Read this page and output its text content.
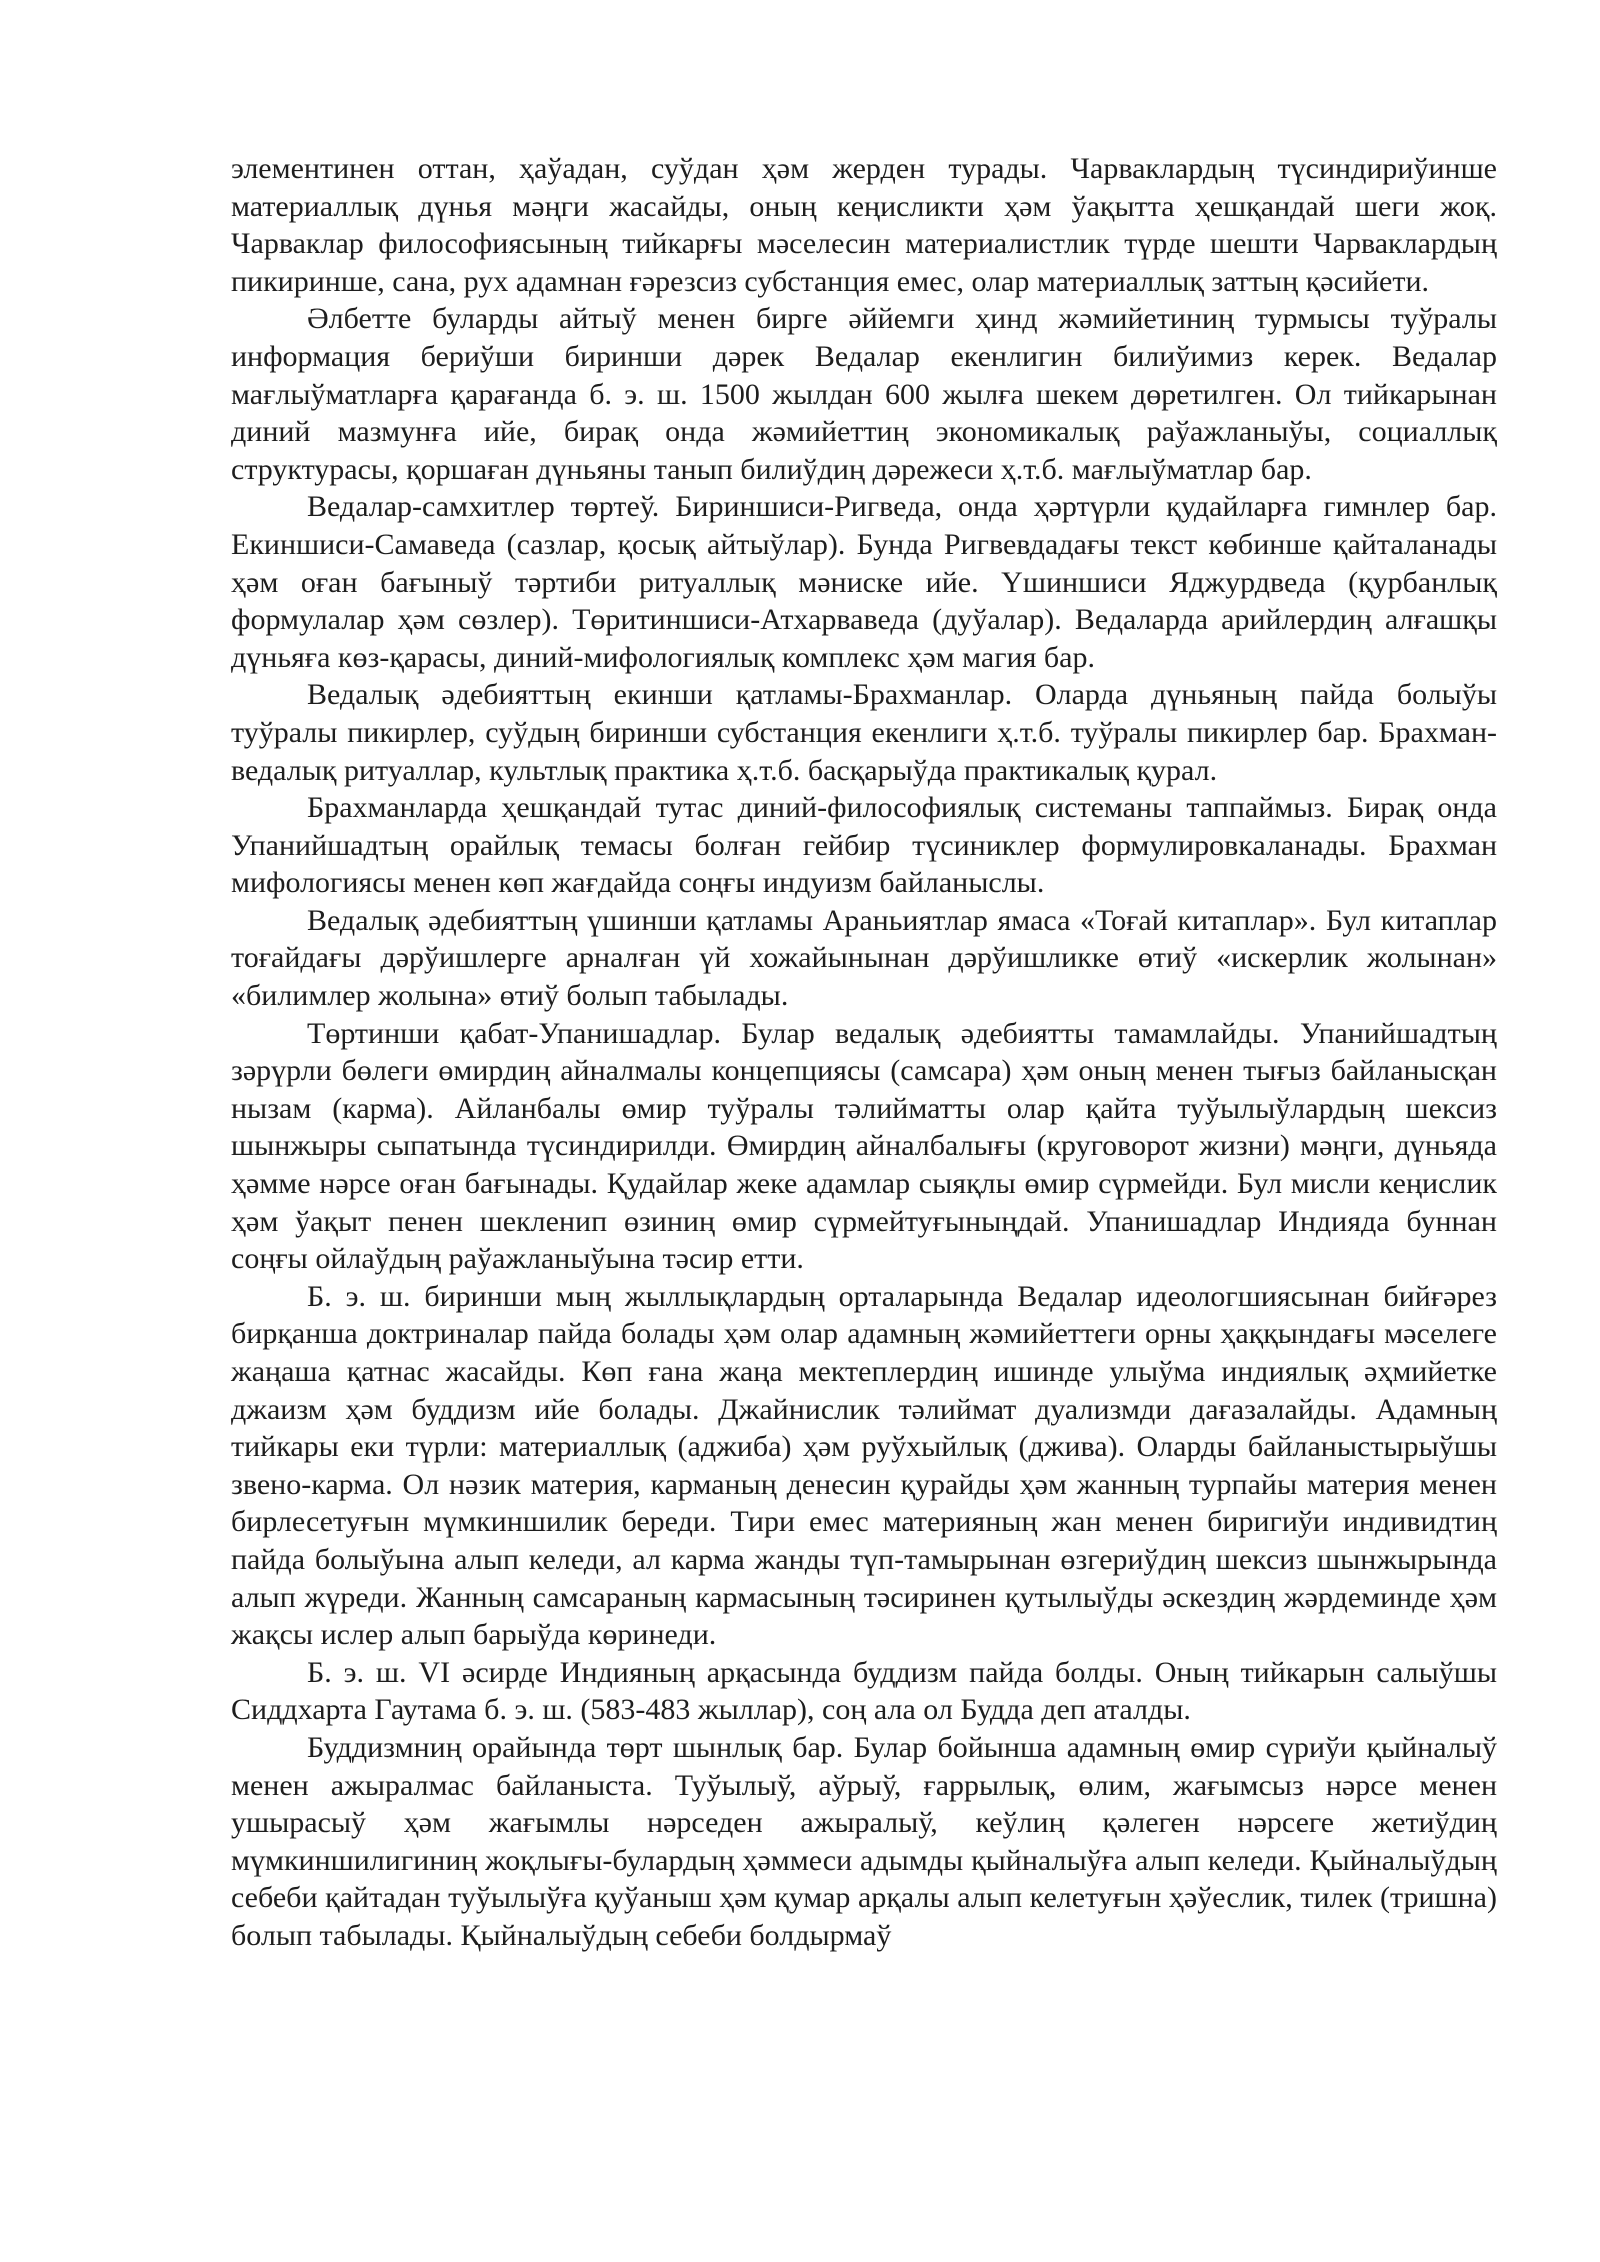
элементинен оттан, ҳаўадан, суўдан ҳәм жерден турады. Чарваклардың түсиндириўинше материаллық дүнья мәңги жасайды, оның кеңисликти ҳәм ўақытта ҳешқандай шеги жоқ. Чарваклар философиясының тийкарғы мәселесин материалистлик түрде шешти Чарваклардың пикиринше, сана, рух адамнан ғәрезсиз субстанция емес, олар материаллық заттың қәсийети.

Әлбетте буларды айтыў менен бирге әййемги ҳинд жәмийетиниң турмысы туўралы информация бериўши биринши дәрек Ведалар екенлигин билиўимиз керек. Ведалар мағлыўматларға қарағанда б. э. ш. 1500 жылдан 600 жылға шекем дөретилген. Ол тийкарынан диний мазмунға ийе, бирақ онда жәмийеттиң экономикалық раўажланыўы, социаллық структурасы, қоршаған дүньяны танып билиўдиң дәрежеси ҳ.т.б. мағлыўматлар бар.

Ведалар-самхитлер төртеў. Бириншиси-Ригведа, онда ҳәртүрли қудайларға гимнлер бар. Екиншиси-Самаведа (сазлар, қосық айтыўлар). Бунда Ригвевдадағы текст көбинше қайталанады ҳәм оған бағыныў тәртиби ритуаллық мәниске ийе. Үшиншиси Яджурдведа (қурбанлық формулалар ҳәм сөзлер). Төритиншиси-Атхарваведа (дуўалар). Ведаларда арийлердиң алғашқы дүньяға көз-қарасы, диний-мифологиялық комплекс ҳәм магия бар.

Ведалық әдебияттың екинши қатламы-Брахманлар. Оларда дүньяның пайда болыўы туўралы пикирлер, суўдың биринши субстанция екенлиги ҳ.т.б. туўралы пикирлер бар. Брахман-ведалық ритуаллар, культлық практика ҳ.т.б. басқарыўда практикалық қурал.

Брахманларда ҳешқандай тутас диний-философиялық системаны таппаймыз. Бирақ онда Упанийшадтың орайлық темасы болған гейбир түсиниклер формулировкаланады. Брахман мифологиясы менен көп жағдайда соңғы индуизм байланыслы.

Ведалық әдебияттың үшинши қатламы Араньиятлар ямаса «Тоғай китаплар». Бул китаплар тоғайдағы дәрўишлерге арналған үй хожайынынан дәрўишликке өтиў «искерлик жолынан» «билимлер жолына» өтиў болып табылады.

Төртинши қабат-Упанишадлар. Булар ведалық әдебиятты тамамлайды. Упанийшадтың зәрүрли бөлеги өмирдиң айналмалы концепциясы (самсара) ҳәм оның менен тығыз байланысқан нызам (карма). Айланбалы өмир туўралы тәлийматты олар қайта туўылыўлардың шексиз шынжыры сыпатында түсиндирилди. Өмирдиң айналбалығы (круговорот жизни) мәңги, дүньяда ҳәмме нәрсе оған бағынады. Қудайлар жеке адамлар сыяқлы өмир сүрмейди. Бул мисли кеңислик ҳәм ўақыт пенен шекленип өзиниң өмир сүрмейтуғыныңдай. Упанишадлар Индияда буннан соңғы ойлаўдың раўажланыўына тәсир етти.

Б. э. ш. биринши мың жыллықлардың орталарында Ведалар идеологшиясынан бийғәрез бирқанша доктриналар пайда болады ҳәм олар адамның жәмийеттеги орны ҳаққындағы мәселеге жаңаша қатнас жасайды. Көп ғана жаңа мектеплердиң ишинде улыўма индиялық әҳмийетке джаизм ҳәм буддизм ийе болады. Джайнислик тәлиймат дуализмди дағазалайды. Адамның тийкары еки түрли: материаллық (аджиба) ҳәм руўхыйлық (джива). Оларды байланыстырыўшы звено-карма. Ол нәзик материя, карманың денесин қурайды ҳәм жанның турпайы материя менен бирлесетуғын мүмкиншилик береди. Тири емес материяның жан менен биригиўи индивидтиң пайда болыўына алып келеди, ал карма жанды түп-тамырынан өзгериўдиң шексиз шынжырында алып жүреди. Жанның самсараның кармасының тәсиринен қутылыўды әскездиң жәрдеминде ҳәм жақсы ислер алып барыўда көринеди.

Б. э. ш. VI әсирде Индияның арқасында буддизм пайда болды. Оның тийкарын салыўшы Сиддхарта Гаутама б. э. ш. (583-483 жыллар), соң ала ол Будда деп аталды.

Буддизмниң орайында төрт шынлық бар. Булар бойынша адамның өмир сүриўи қыйналыў менен ажыралмас байланыста. Туўылыў, аўрыў, ғаррылық, өлим, жағымсыз нәрсе менен ушырасыў ҳәм жағымлы нәрседен ажыралыў, кеўлиң қәлеген нәрсеге жетиўдиң мүмкиншилигиниң жоқлығы-булардың ҳәммеси адымды қыйналыўға алып келеди. Қыйналыўдың себеби қайтадан туўылыўға қуўаныш ҳәм қумар арқалы алып келетуғын ҳәўеслик, тилек (тришна) болып табылады. Қыйналыўдың себеби болдырмаў
